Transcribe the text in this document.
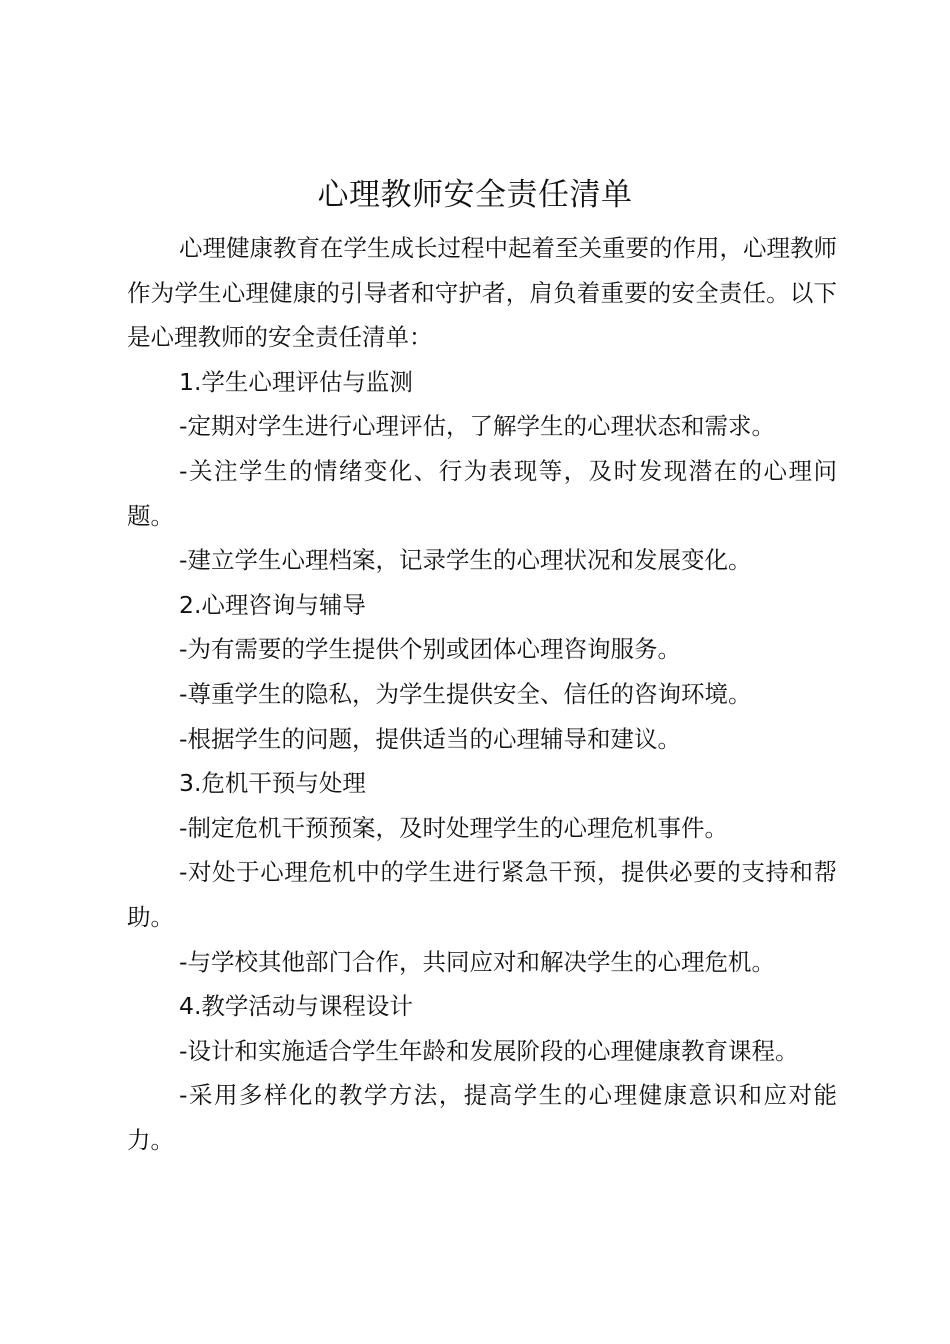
心理教师安全责任清单

心理健康教育在学生成长过程中起着至关重要的作用，心理教师作为学生心理健康的引导者和守护者，肩负着重要的安全责任。以下是心理教师的安全责任清单：

1.学生心理评估与监测

-定期对学生进行心理评估，了解学生的心理状态和需求。

-关注学生的情绪变化、行为表现等，及时发现潜在的心理问题。

-建立学生心理档案，记录学生的心理状况和发展变化。

2.心理咨询与辅导

-为有需要的学生提供个别或团体心理咨询服务。

-尊重学生的隐私，为学生提供安全、信任的咨询环境。

-根据学生的问题，提供适当的心理辅导和建议。

3.危机干预与处理

-制定危机干预预案，及时处理学生的心理危机事件。

-对处于心理危机中的学生进行紧急干预，提供必要的支持和帮助。

-与学校其他部门合作，共同应对和解决学生的心理危机。

4.教学活动与课程设计

-设计和实施适合学生年龄和发展阶段的心理健康教育课程。

-采用多样化的教学方法，提高学生的心理健康意识和应对能力。
